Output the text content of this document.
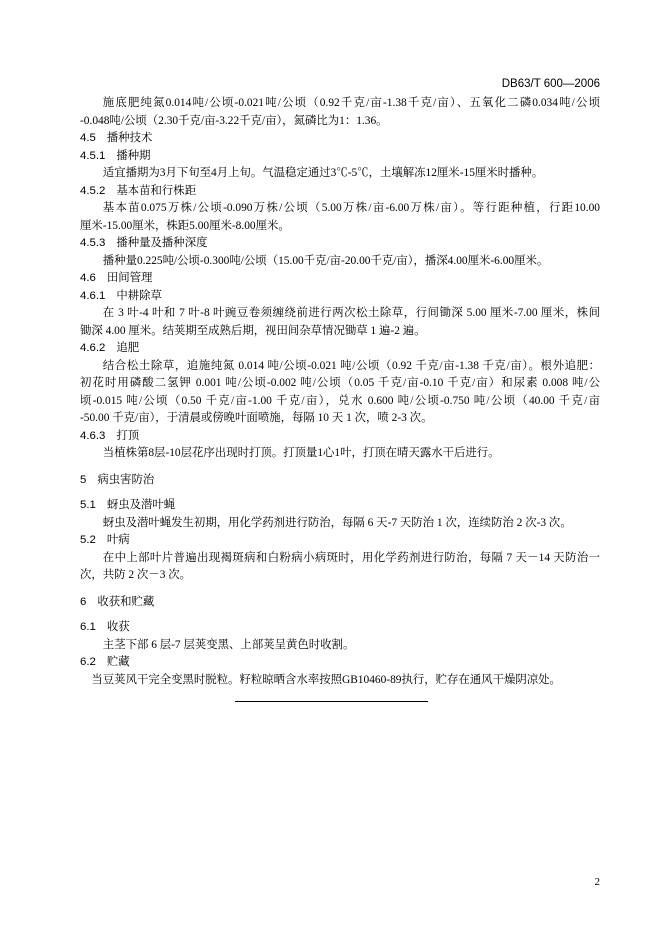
DB63/T 600—2006
施底肥纯氮0.014吨/公顷-0.021吨/公顷（0.92千克/亩-1.38千克/亩）、五氧化二磷0.034吨/公顷
-0.048吨/公顷（2.30千克/亩-3.22千克/亩），氮磷比为1：1.36。
4.5 播种技术
4.5.1 播种期
适宜播期为3月下旬至4月上旬。气温稳定通过3℃-5℃，土壤解冻12厘米-15厘米时播种。
4.5.2 基本苗和行株距
基本苗0.075万株/公顷-0.090万株/公顷（5.00万株/亩-6.00万株/亩）。等行距种植，行距10.00
厘米-15.00厘米，株距5.00厘米-8.00厘米。
4.5.3 播种量及播种深度
播种量0.225吨/公顷-0.300吨/公顷（15.00千克/亩-20.00千克/亩），播深4.00厘米-6.00厘米。
4.6 田间管理
4.6.1 中耕除草
在 3 叶-4 叶和 7 叶-8 叶豌豆卷须缠绕前进行两次松土除草，行间锄深 5.00 厘米-7.00 厘米，株间
锄深 4.00 厘米。结荚期至成熟后期，视田间杂草情况锄草 1 遍-2 遍。
4.6.2 追肥
结合松土除草，追施纯氮 0.014 吨/公顷-0.021 吨/公顷（0.92 千克/亩-1.38 千克/亩）。根外追肥：
初花时用磷酸二氢钾 0.001 吨/公顷-0.002 吨/公顷（0.05 千克/亩-0.10 千克/亩）和尿素 0.008 吨/公
顷-0.015 吨/公顷（0.50 千克/亩-1.00 千克/亩），兑水 0.600 吨/公顷-0.750 吨/公顷（40.00 千克/亩
-50.00 千克/亩），于清晨或傍晚叶面喷施，每隔 10 天 1 次，喷 2-3 次。
4.6.3 打顶
当植株第8层-10层花序出现时打顶。打顶量1心1叶，打顶在晴天露水干后进行。
5 病虫害防治
5.1 蚜虫及潜叶蝇
蚜虫及潜叶蝇发生初期，用化学药剂进行防治，每隔 6 天-7 天防治 1 次，连续防治 2 次-3 次。
5.2 叶病
在中上部叶片普遍出现褐斑病和白粉病小病斑时，用化学药剂进行防治，每隔 7 天－14 天防治一
次，共防 2 次－3 次。
6 收获和贮藏
6.1 收获
主茎下部 6 层-7 层荚变黑、上部荚呈黄色时收割。
6.2 贮藏
当豆荚风干完全变黑时脱粒。籽粒晾晒含水率按照GB10460-89执行，贮存在通风干燥阴凉处。
2
